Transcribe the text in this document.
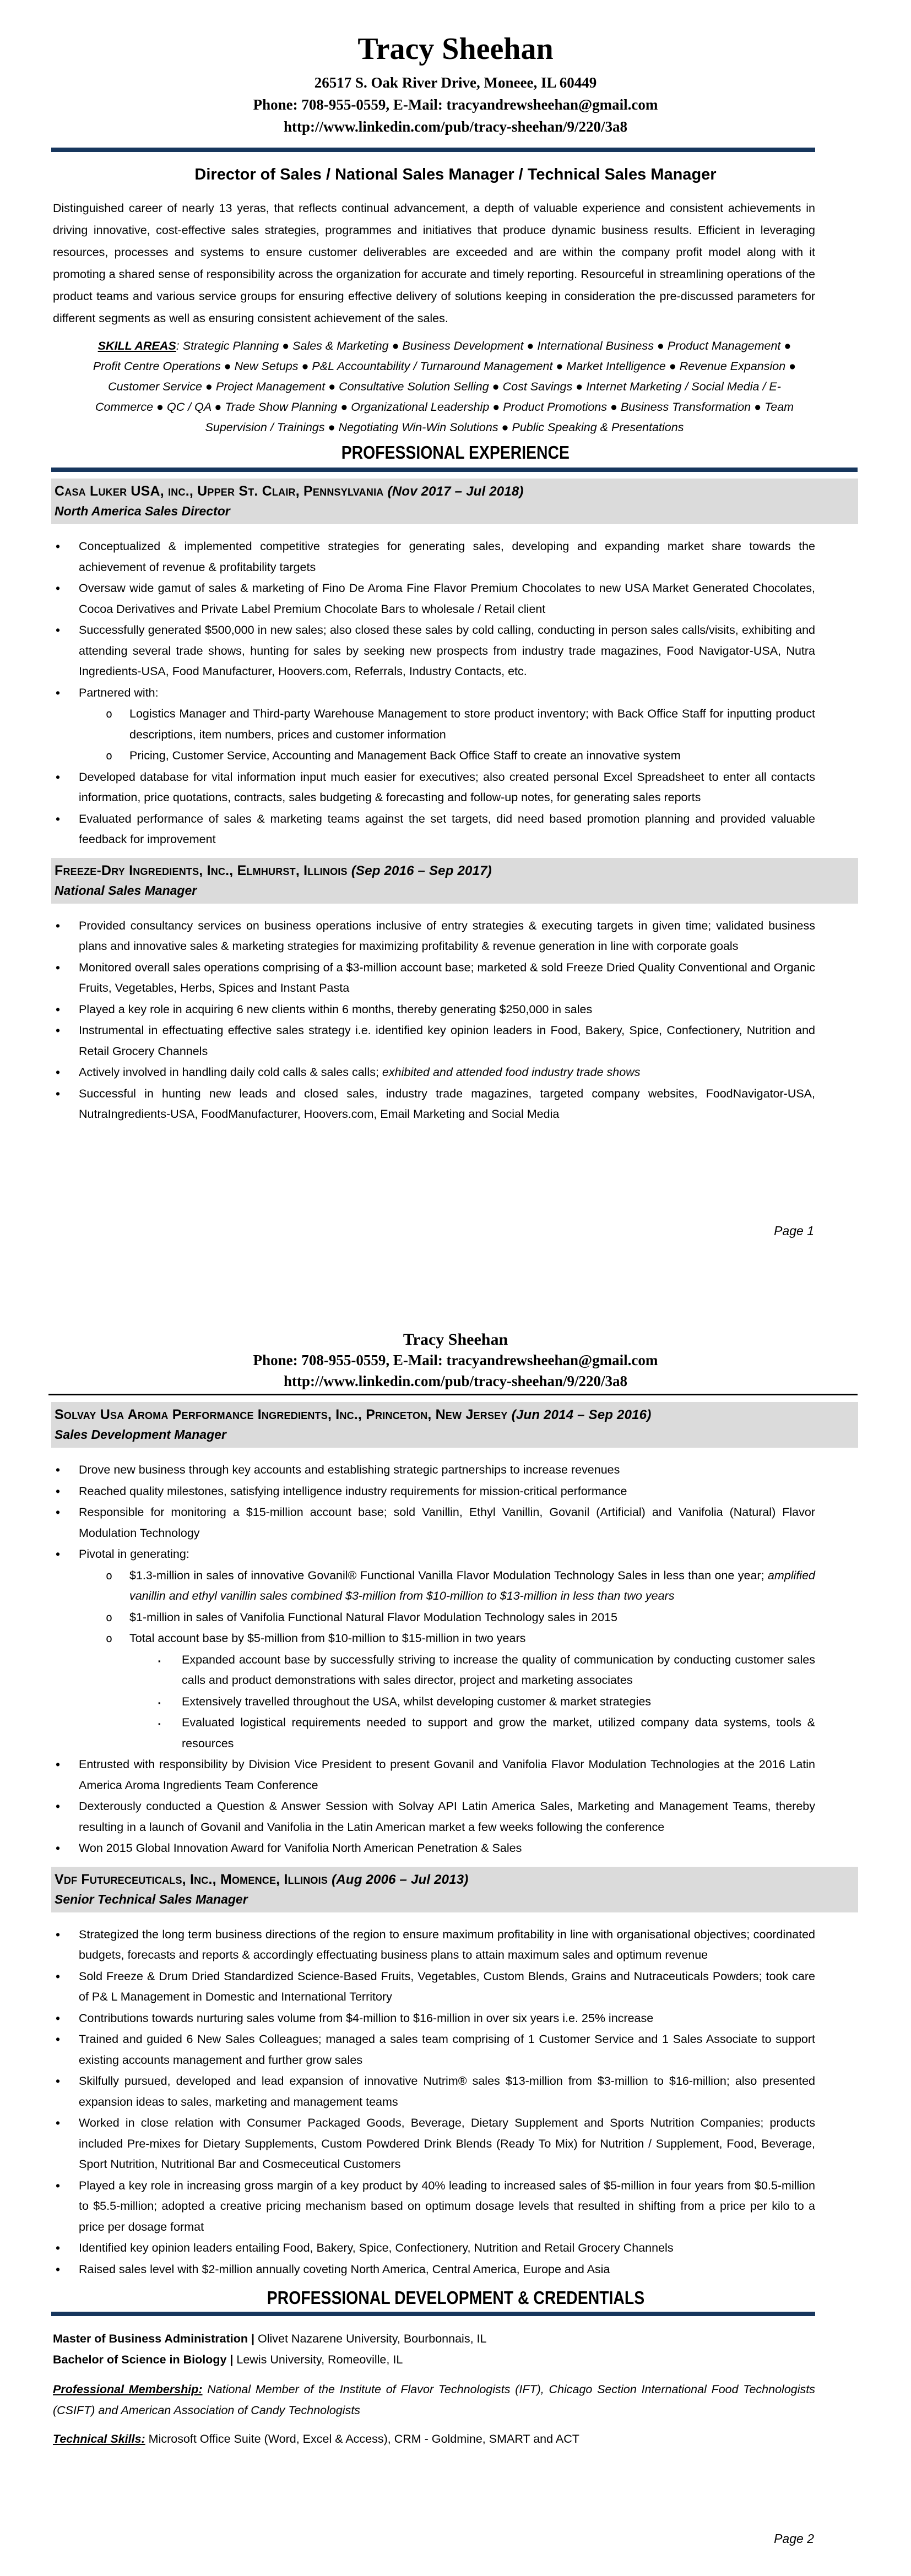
Tracy Sheehan
26517 S. Oak River Drive, Moneee, IL 60449
Phone: 708-955-0559, E-Mail: tracyandrewsheehan@gmail.com
http://www.linkedin.com/pub/tracy-sheehan/9/220/3a8
Director of Sales / National Sales Manager / Technical Sales Manager
Distinguished career of nearly 13 yeras, that reflects continual advancement, a depth of valuable experience and consistent achievements in driving innovative, cost-effective sales strategies, programmes and initiatives that produce dynamic business results. Efficient in leveraging resources, processes and systems to ensure customer deliverables are exceeded and are within the company profit model along with it promoting a shared sense of responsibility across the organization for accurate and timely reporting. Resourceful in streamlining operations of the product teams and various service groups for ensuring effective delivery of solutions keeping in consideration the pre-discussed parameters for different segments as well as ensuring consistent achievement of the sales.
SKILL AREAS: Strategic Planning ● Sales & Marketing ● Business Development ● International Business ● Product Management ● Profit Centre Operations ● New Setups ● P&L Accountability / Turnaround Management ● Market Intelligence ● Revenue Expansion ● Customer Service ● Project Management ● Consultative Solution Selling ● Cost Savings ● Internet Marketing / Social Media / E-Commerce ● QC / QA ● Trade Show Planning ● Organizational Leadership ● Product Promotions ● Business Transformation ● Team Supervision / Trainings ● Negotiating Win-Win Solutions ● Public Speaking & Presentations
PROFESSIONAL EXPERIENCE
Casa Luker USA, inc., Upper St. Clair, Pennsylvania (Nov 2017 – Jul 2018)
North America Sales Director
• Conceptualized & implemented competitive strategies for generating sales, developing and expanding market share towards the achievement of revenue & profitability targets
• Oversaw wide gamut of sales & marketing of Fino De Aroma Fine Flavor Premium Chocolates to new USA Market Generated Chocolates, Cocoa Derivatives and Private Label Premium Chocolate Bars to wholesale / Retail client
• Successfully generated $500,000 in new sales; also closed these sales by cold calling, conducting in person sales calls/visits, exhibiting and attending several trade shows, hunting for sales by seeking new prospects from industry trade magazines, Food Navigator-USA, Nutra Ingredients-USA, Food Manufacturer, Hoovers.com, Referrals, Industry Contacts, etc.
• Partnered with:
o Logistics Manager and Third-party Warehouse Management to store product inventory; with Back Office Staff for inputting product descriptions, item numbers, prices and customer information
o Pricing, Customer Service, Accounting and Management Back Office Staff to create an innovative system
• Developed database for vital information input much easier for executives; also created personal Excel Spreadsheet to enter all contacts information, price quotations, contracts, sales budgeting & forecasting and follow-up notes, for generating sales reports
• Evaluated performance of sales & marketing teams against the set targets, did need based promotion planning and provided valuable feedback for improvement
Freeze-Dry Ingredients, Inc., Elmhurst, Illinois (Sep 2016 – Sep 2017)
National Sales Manager
• Provided consultancy services on business operations inclusive of entry strategies & executing targets in given time; validated business plans and innovative sales & marketing strategies for maximizing profitability & revenue generation in line with corporate goals
• Monitored overall sales operations comprising of a $3-million account base; marketed & sold Freeze Dried Quality Conventional and Organic Fruits, Vegetables, Herbs, Spices and Instant Pasta
• Played a key role in acquiring 6 new clients within 6 months, thereby generating $250,000 in sales
• Instrumental in effectuating effective sales strategy i.e. identified key opinion leaders in Food, Bakery, Spice, Confectionery, Nutrition and Retail Grocery Channels
• Actively involved in handling daily cold calls & sales calls; exhibited and attended food industry trade shows
• Successful in hunting new leads and closed sales, industry trade magazines, targeted company websites, FoodNavigator-USA, NutraIngredients-USA, FoodManufacturer, Hoovers.com, Email Marketing and Social Media
Page 1
Tracy Sheehan
Phone: 708-955-0559, E-Mail: tracyandrewsheehan@gmail.com
http://www.linkedin.com/pub/tracy-sheehan/9/220/3a8
Solvay Usa Aroma Performance Ingredients, Inc., Princeton, New Jersey (Jun 2014 – Sep 2016)
Sales Development Manager
• Drove new business through key accounts and establishing strategic partnerships to increase revenues
• Reached quality milestones, satisfying intelligence industry requirements for mission-critical performance
• Responsible for monitoring a $15-million account base; sold Vanillin, Ethyl Vanillin, Govanil (Artificial) and Vanifolia (Natural) Flavor Modulation Technology
• Pivotal in generating:
o $1.3-million in sales of innovative Govanil® Functional Vanilla Flavor Modulation Technology Sales in less than one year; amplified vanillin and ethyl vanillin sales combined $3-million from $10-million to $13-million in less than two years
o $1-million in sales of Vanifolia Functional Natural Flavor Modulation Technology sales in 2015
o Total account base by $5-million from $10-million to $15-million in two years
▪ Expanded account base by successfully striving to increase the quality of communication by conducting customer sales calls and product demonstrations with sales director, project and marketing associates
▪ Extensively travelled throughout the USA, whilst developing customer & market strategies
▪ Evaluated logistical requirements needed to support and grow the market, utilized company data systems, tools & resources
• Entrusted with responsibility by Division Vice President to present Govanil and Vanifolia Flavor Modulation Technologies at the 2016 Latin America Aroma Ingredients Team Conference
• Dexterously conducted a Question & Answer Session with Solvay API Latin America Sales, Marketing and Management Teams, thereby resulting in a launch of Govanil and Vanifolia in the Latin American market a few weeks following the conference
• Won 2015 Global Innovation Award for Vanifolia North American Penetration & Sales
Vdf Futureceuticals, Inc., Momence, Illinois (Aug 2006 – Jul 2013)
Senior Technical Sales Manager
• Strategized the long term business directions of the region to ensure maximum profitability in line with organisational objectives; coordinated budgets, forecasts and reports & accordingly effectuating business plans to attain maximum sales and optimum revenue
• Sold Freeze & Drum Dried Standardized Science-Based Fruits, Vegetables, Custom Blends, Grains and Nutraceuticals Powders; took care of P& L Management in Domestic and International Territory
• Contributions towards nurturing sales volume from $4-million to $16-million in over six years i.e. 25% increase
• Trained and guided 6 New Sales Colleagues; managed a sales team comprising of 1 Customer Service and 1 Sales Associate to support existing accounts management and further grow sales
• Skilfully pursued, developed and lead expansion of innovative Nutrim® sales $13-million from $3-million to $16-million; also presented expansion ideas to sales, marketing and management teams
• Worked in close relation with Consumer Packaged Goods, Beverage, Dietary Supplement and Sports Nutrition Companies; products included Pre-mixes for Dietary Supplements, Custom Powdered Drink Blends (Ready To Mix) for Nutrition / Supplement, Food, Beverage, Sport Nutrition, Nutritional Bar and Cosmeceutical Customers
• Played a key role in increasing gross margin of a key product by 40% leading to increased sales of $5-million in four years from $0.5-million to $5.5-million; adopted a creative pricing mechanism based on optimum dosage levels that resulted in shifting from a price per kilo to a price per dosage format
• Identified key opinion leaders entailing Food, Bakery, Spice, Confectionery, Nutrition and Retail Grocery Channels
• Raised sales level with $2-million annually coveting North America, Central America, Europe and Asia
PROFESSIONAL DEVELOPMENT & CREDENTIALS
Master of Business Administration | Olivet Nazarene University, Bourbonnais, IL
Bachelor of Science in Biology | Lewis University, Romeoville, IL
Professional Membership: National Member of the Institute of Flavor Technologists (IFT), Chicago Section International Food Technologists (CSIFT) and American Association of Candy Technologists
Technical Skills: Microsoft Office Suite (Word, Excel & Access), CRM - Goldmine, SMART and ACT
Page 2
